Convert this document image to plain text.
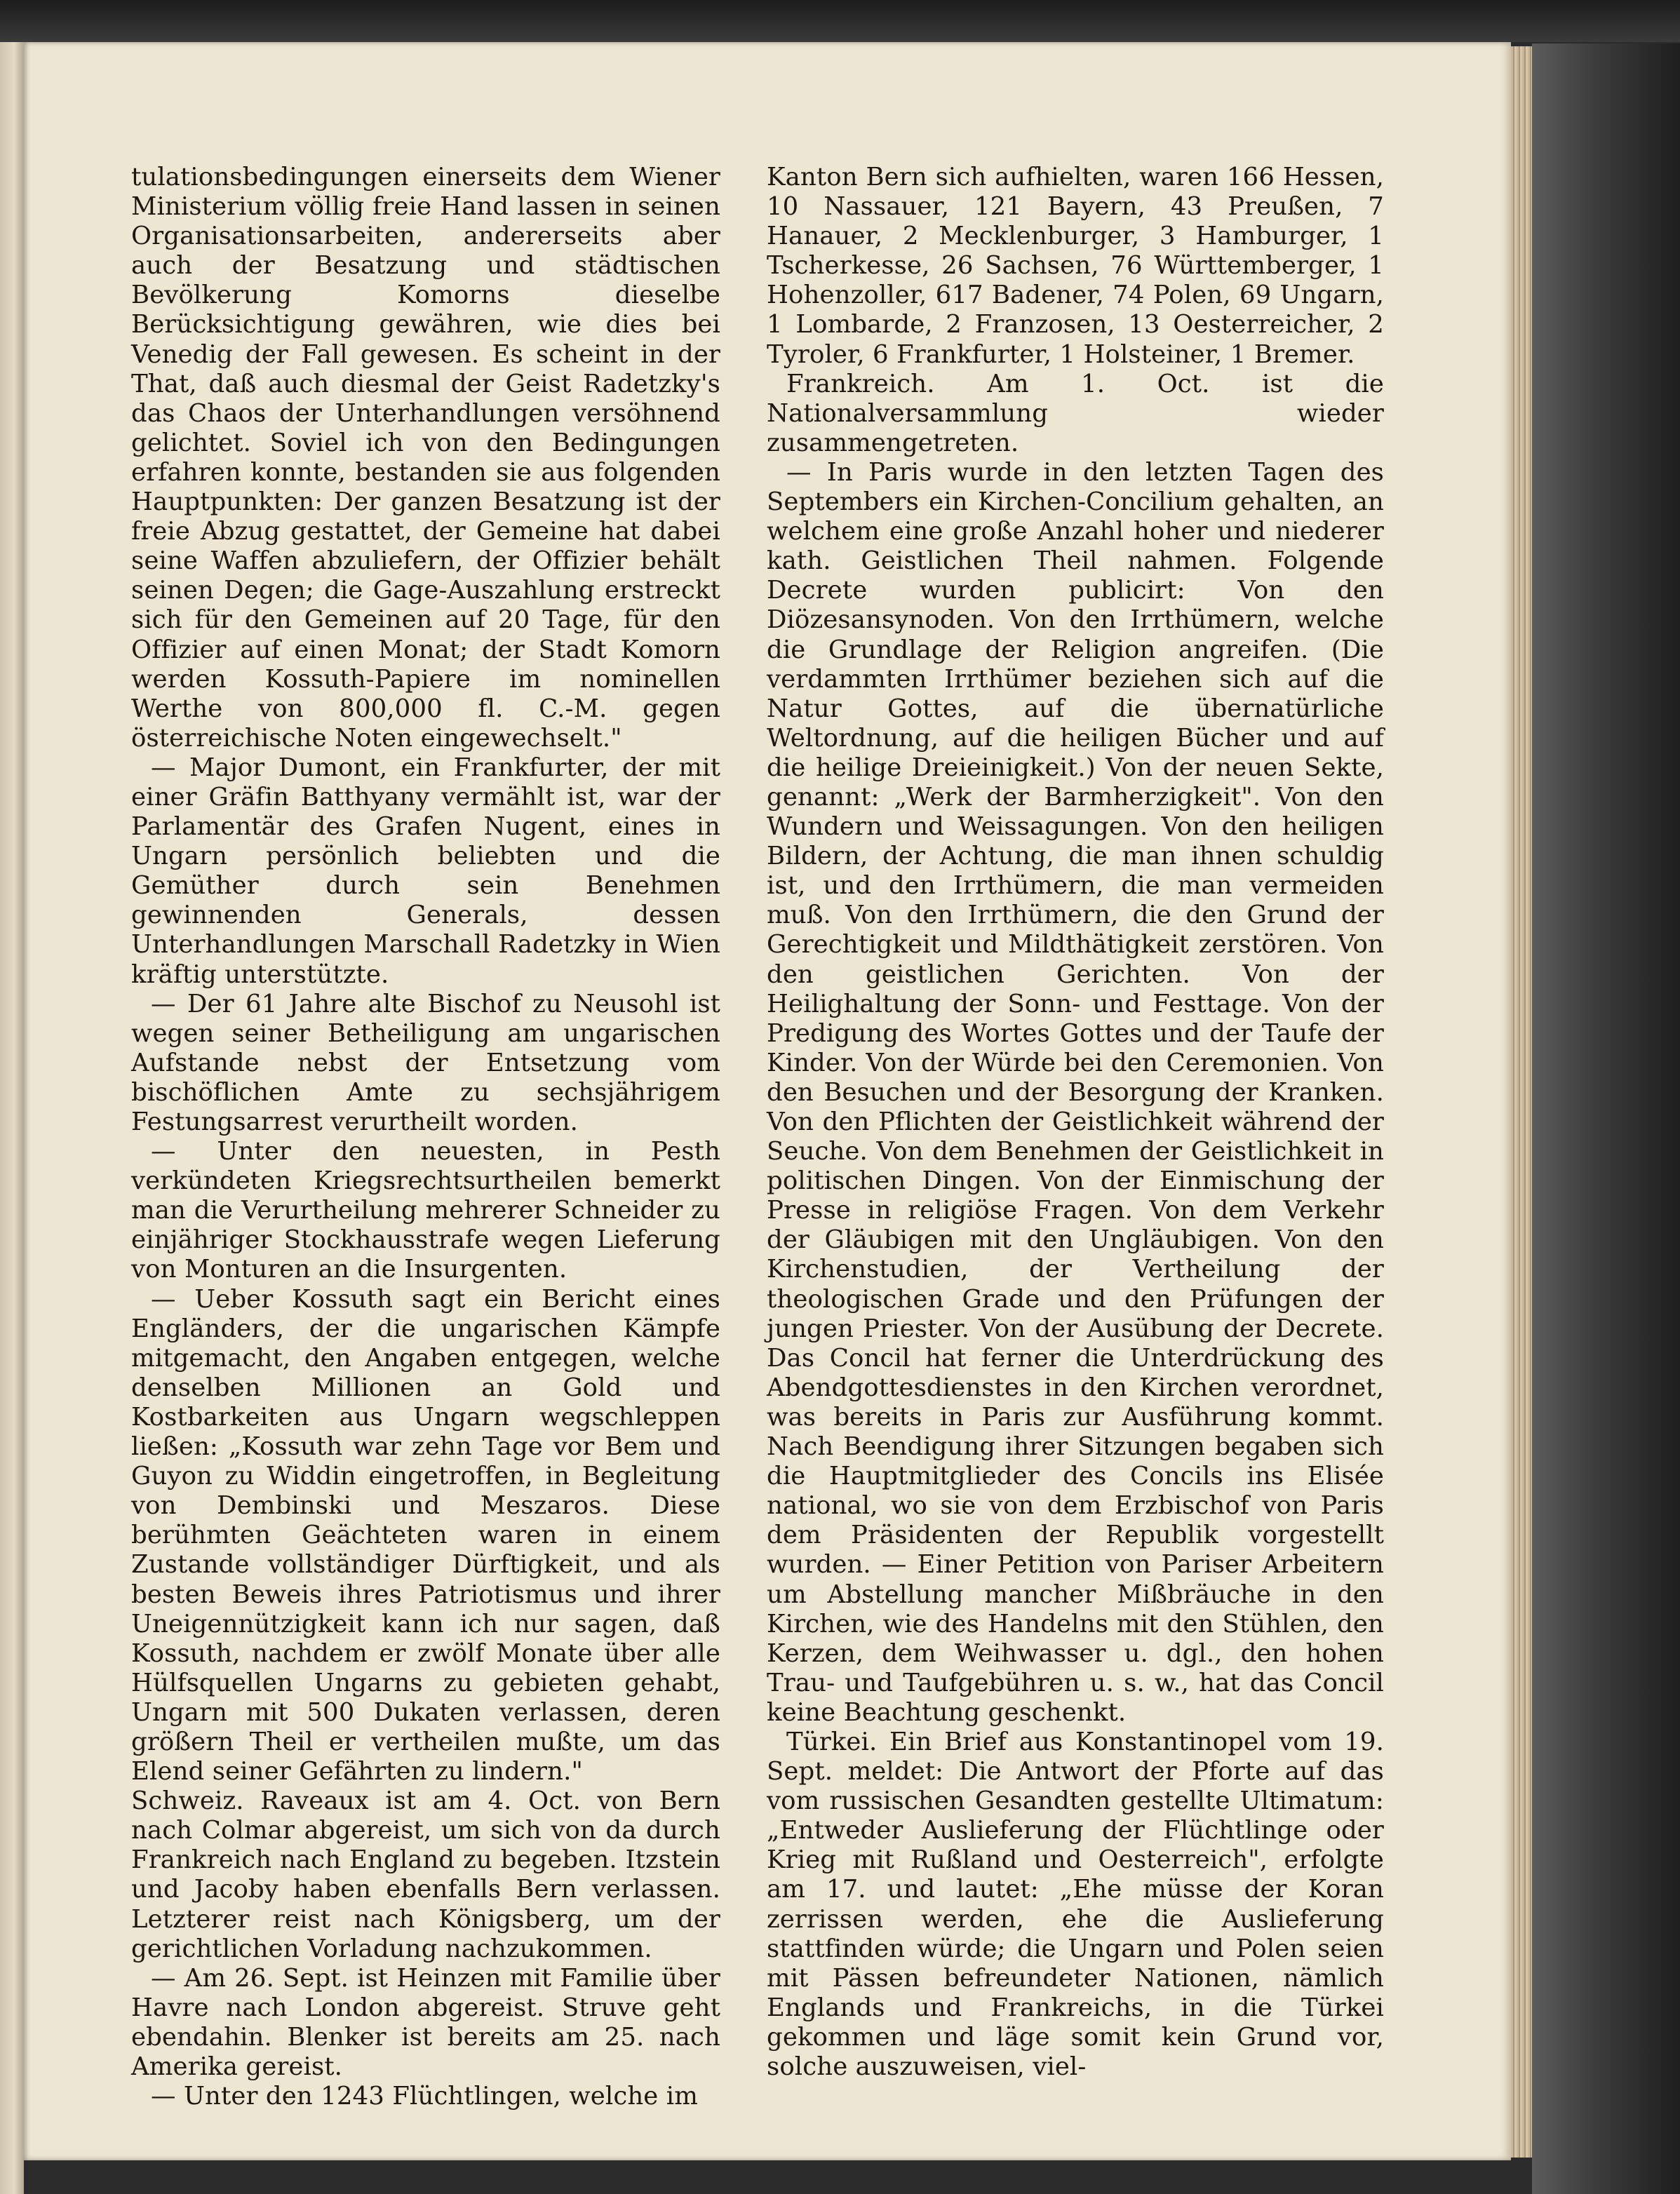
tulationsbedingungen einerseits dem Wiener Ministerium völlig freie Hand lassen in seinen Organisationsarbeiten, andererseits aber auch der Besatzung und städtischen Bevölkerung Komorns dieselbe Berücksichtigung gewähren, wie dies bei Venedig der Fall gewesen. Es scheint in der That, daß auch diesmal der Geist Radetzky's das Chaos der Unterhandlungen versöhnend gelichtet. Soviel ich von den Bedingungen erfahren konnte, bestanden sie aus folgenden Hauptpunkten: Der ganzen Besatzung ist der freie Abzug gestattet, der Gemeine hat dabei seine Waffen abzuliefern, der Offizier behält seinen Degen; die Gage-Auszahlung erstreckt sich für den Gemeinen auf 20 Tage, für den Offizier auf einen Monat; der Stadt Komorn werden Kossuth-Papiere im nominellen Werthe von 800,000 fl. C.-M. gegen österreichische Noten eingewechselt."

— Major Dumont, ein Frankfurter, der mit einer Gräfin Batthyany vermählt ist, war der Parlamentär des Grafen Nugent, eines in Ungarn persönlich beliebten und die Gemüther durch sein Benehmen gewinnenden Generals, dessen Unterhandlungen Marschall Radetzky in Wien kräftig unterstützte.

— Der 61 Jahre alte Bischof zu Neusohl ist wegen seiner Betheiligung am ungarischen Aufstande nebst der Entsetzung vom bischöflichen Amte zu sechsjährigem Festungsarrest verurtheilt worden.

— Unter den neuesten, in Pesth verkündeten Kriegsrechtsurtheilen bemerkt man die Verurtheilung mehrerer Schneider zu einjähriger Stockhausstrafe wegen Lieferung von Monturen an die Insurgenten.

— Ueber Kossuth sagt ein Bericht eines Engländers, der die ungarischen Kämpfe mitgemacht, den Angaben entgegen, welche denselben Millionen an Gold und Kostbarkeiten aus Ungarn wegschleppen ließen: „Kossuth war zehn Tage vor Bem und Guyon zu Widdin eingetroffen, in Begleitung von Dembinski und Meszaros. Diese berühmten Geächteten waren in einem Zustande vollständiger Dürftigkeit, und als besten Beweis ihres Patriotismus und ihrer Uneigennützigkeit kann ich nur sagen, daß Kossuth, nachdem er zwölf Monate über alle Hülfsquellen Ungarns zu gebieten gehabt, Ungarn mit 500 Dukaten verlassen, deren größern Theil er vertheilen mußte, um das Elend seiner Gefährten zu lindern."

Schweiz. Raveaux ist am 4. Oct. von Bern nach Colmar abgereist, um sich von da durch Frankreich nach England zu begeben. Itzstein und Jacoby haben ebenfalls Bern verlassen. Letzterer reist nach Königsberg, um der gerichtlichen Vorladung nachzukommen.

— Am 26. Sept. ist Heinzen mit Familie über Havre nach London abgereist. Struve geht ebendahin. Blenker ist bereits am 25. nach Amerika gereist.

— Unter den 1243 Flüchtlingen, welche im

Kanton Bern sich aufhielten, waren 166 Hessen, 10 Nassauer, 121 Bayern, 43 Preußen, 7 Hanauer, 2 Mecklenburger, 3 Hamburger, 1 Tscherkesse, 26 Sachsen, 76 Württemberger, 1 Hohenzoller, 617 Badener, 74 Polen, 69 Ungarn, 1 Lombarde, 2 Franzosen, 13 Oesterreicher, 2 Tyroler, 6 Frankfurter, 1 Holsteiner, 1 Bremer.

Frankreich. Am 1. Oct. ist die Nationalversammlung wieder zusammengetreten.

— In Paris wurde in den letzten Tagen des Septembers ein Kirchen-Concilium gehalten, an welchem eine große Anzahl hoher und niederer kath. Geistlichen Theil nahmen. Folgende Decrete wurden publicirt: Von den Diözesansynoden. Von den Irrthümern, welche die Grundlage der Religion angreifen. (Die verdammten Irrthümer beziehen sich auf die Natur Gottes, auf die übernatürliche Weltordnung, auf die heiligen Bücher und auf die heilige Dreieinigkeit.) Von der neuen Sekte, genannt: „Werk der Barmherzigkeit". Von den Wundern und Weissagungen. Von den heiligen Bildern, der Achtung, die man ihnen schuldig ist, und den Irrthümern, die man vermeiden muß. Von den Irrthümern, die den Grund der Gerechtigkeit und Mildthätigkeit zerstören. Von den geistlichen Gerichten. Von der Heilighaltung der Sonn- und Festtage. Von der Predigung des Wortes Gottes und der Taufe der Kinder. Von der Würde bei den Ceremonien. Von den Besuchen und der Besorgung der Kranken. Von den Pflichten der Geistlichkeit während der Seuche. Von dem Benehmen der Geistlichkeit in politischen Dingen. Von der Einmischung der Presse in religiöse Fragen. Von dem Verkehr der Gläubigen mit den Ungläubigen. Von den Kirchenstudien, der Vertheilung der theologischen Grade und den Prüfungen der jungen Priester. Von der Ausübung der Decrete. Das Concil hat ferner die Unterdrückung des Abendgottesdienstes in den Kirchen verordnet, was bereits in Paris zur Ausführung kommt. Nach Beendigung ihrer Sitzungen begaben sich die Hauptmitglieder des Concils ins Elisée national, wo sie von dem Erzbischof von Paris dem Präsidenten der Republik vorgestellt wurden. — Einer Petition von Pariser Arbeitern um Abstellung mancher Mißbräuche in den Kirchen, wie des Handelns mit den Stühlen, den Kerzen, dem Weihwasser u. dgl., den hohen Trau- und Taufgebühren u. s. w., hat das Concil keine Beachtung geschenkt.

Türkei. Ein Brief aus Konstantinopel vom 19. Sept. meldet: Die Antwort der Pforte auf das vom russischen Gesandten gestellte Ultimatum: „Entweder Auslieferung der Flüchtlinge oder Krieg mit Rußland und Oesterreich", erfolgte am 17. und lautet: „Ehe müsse der Koran zerrissen werden, ehe die Auslieferung stattfinden würde; die Ungarn und Polen seien mit Pässen befreundeter Nationen, nämlich Englands und Frankreichs, in die Türkei gekommen und läge somit kein Grund vor, solche auszuweisen, viel-
